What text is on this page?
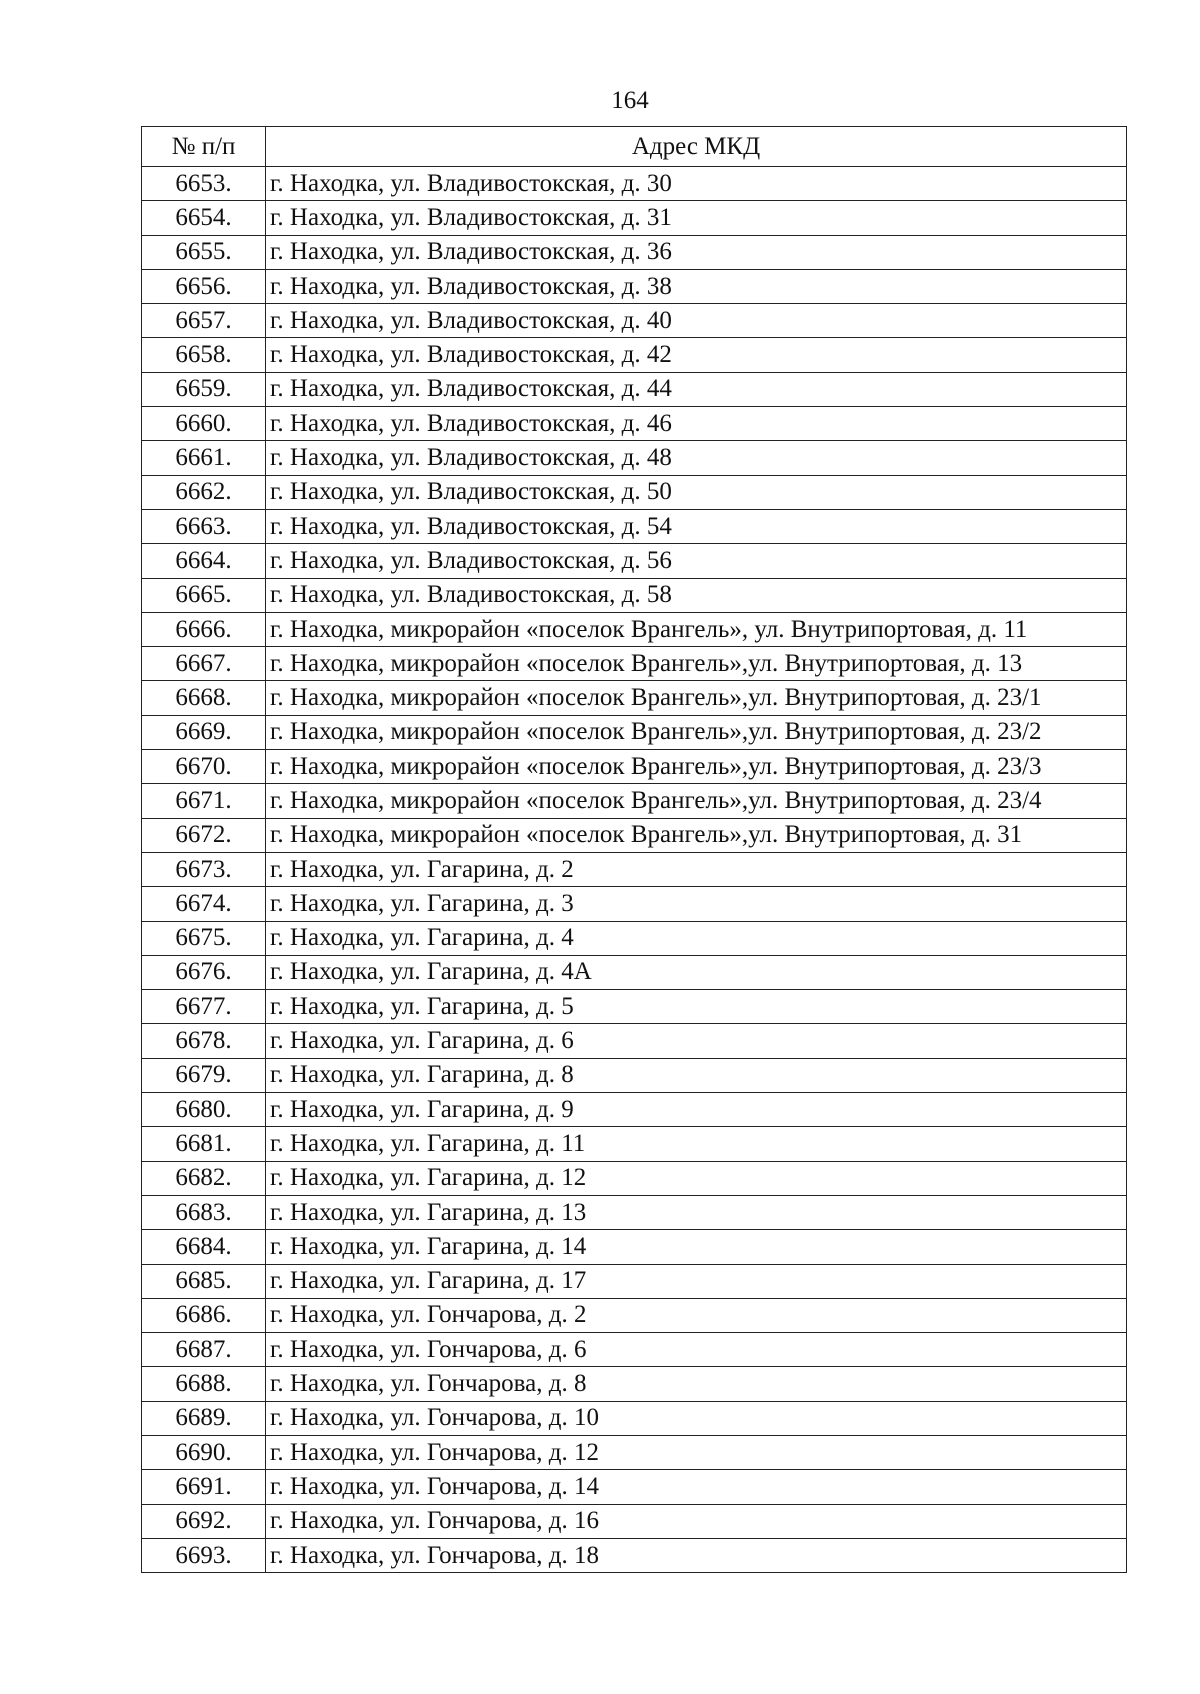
164
№ п/п	Адрес МКД
6653.	г. Находка, ул. Владивостокская, д. 30
6654.	г. Находка, ул. Владивостокская, д. 31
6655.	г. Находка, ул. Владивостокская, д. 36
6656.	г. Находка, ул. Владивостокская, д. 38
6657.	г. Находка, ул. Владивостокская, д. 40
6658.	г. Находка, ул. Владивостокская, д. 42
6659.	г. Находка, ул. Владивостокская, д. 44
6660.	г. Находка, ул. Владивостокская, д. 46
6661.	г. Находка, ул. Владивостокская, д. 48
6662.	г. Находка, ул. Владивостокская, д. 50
6663.	г. Находка, ул. Владивостокская, д. 54
6664.	г. Находка, ул. Владивостокская, д. 56
6665.	г. Находка, ул. Владивостокская, д. 58
6666.	г. Находка, микрорайон «поселок Врангель», ул. Внутрипортовая, д. 11
6667.	г. Находка, микрорайон «поселок Врангель»,ул. Внутрипортовая, д. 13
6668.	г. Находка, микрорайон «поселок Врангель»,ул. Внутрипортовая, д. 23/1
6669.	г. Находка, микрорайон «поселок Врангель»,ул. Внутрипортовая, д. 23/2
6670.	г. Находка, микрорайон «поселок Врангель»,ул. Внутрипортовая, д. 23/3
6671.	г. Находка, микрорайон «поселок Врангель»,ул. Внутрипортовая, д. 23/4
6672.	г. Находка, микрорайон «поселок Врангель»,ул. Внутрипортовая, д. 31
6673.	г. Находка, ул. Гагарина, д. 2
6674.	г. Находка, ул. Гагарина, д. 3
6675.	г. Находка, ул. Гагарина, д. 4
6676.	г. Находка, ул. Гагарина, д. 4А
6677.	г. Находка, ул. Гагарина, д. 5
6678.	г. Находка, ул. Гагарина, д. 6
6679.	г. Находка, ул. Гагарина, д. 8
6680.	г. Находка, ул. Гагарина, д. 9
6681.	г. Находка, ул. Гагарина, д. 11
6682.	г. Находка, ул. Гагарина, д. 12
6683.	г. Находка, ул. Гагарина, д. 13
6684.	г. Находка, ул. Гагарина, д. 14
6685.	г. Находка, ул. Гагарина, д. 17
6686.	г. Находка, ул. Гончарова, д. 2
6687.	г. Находка, ул. Гончарова, д. 6
6688.	г. Находка, ул. Гончарова, д. 8
6689.	г. Находка, ул. Гончарова, д. 10
6690.	г. Находка, ул. Гончарова, д. 12
6691.	г. Находка, ул. Гончарова, д. 14
6692.	г. Находка, ул. Гончарова, д. 16
6693.	г. Находка, ул. Гончарова, д. 18
